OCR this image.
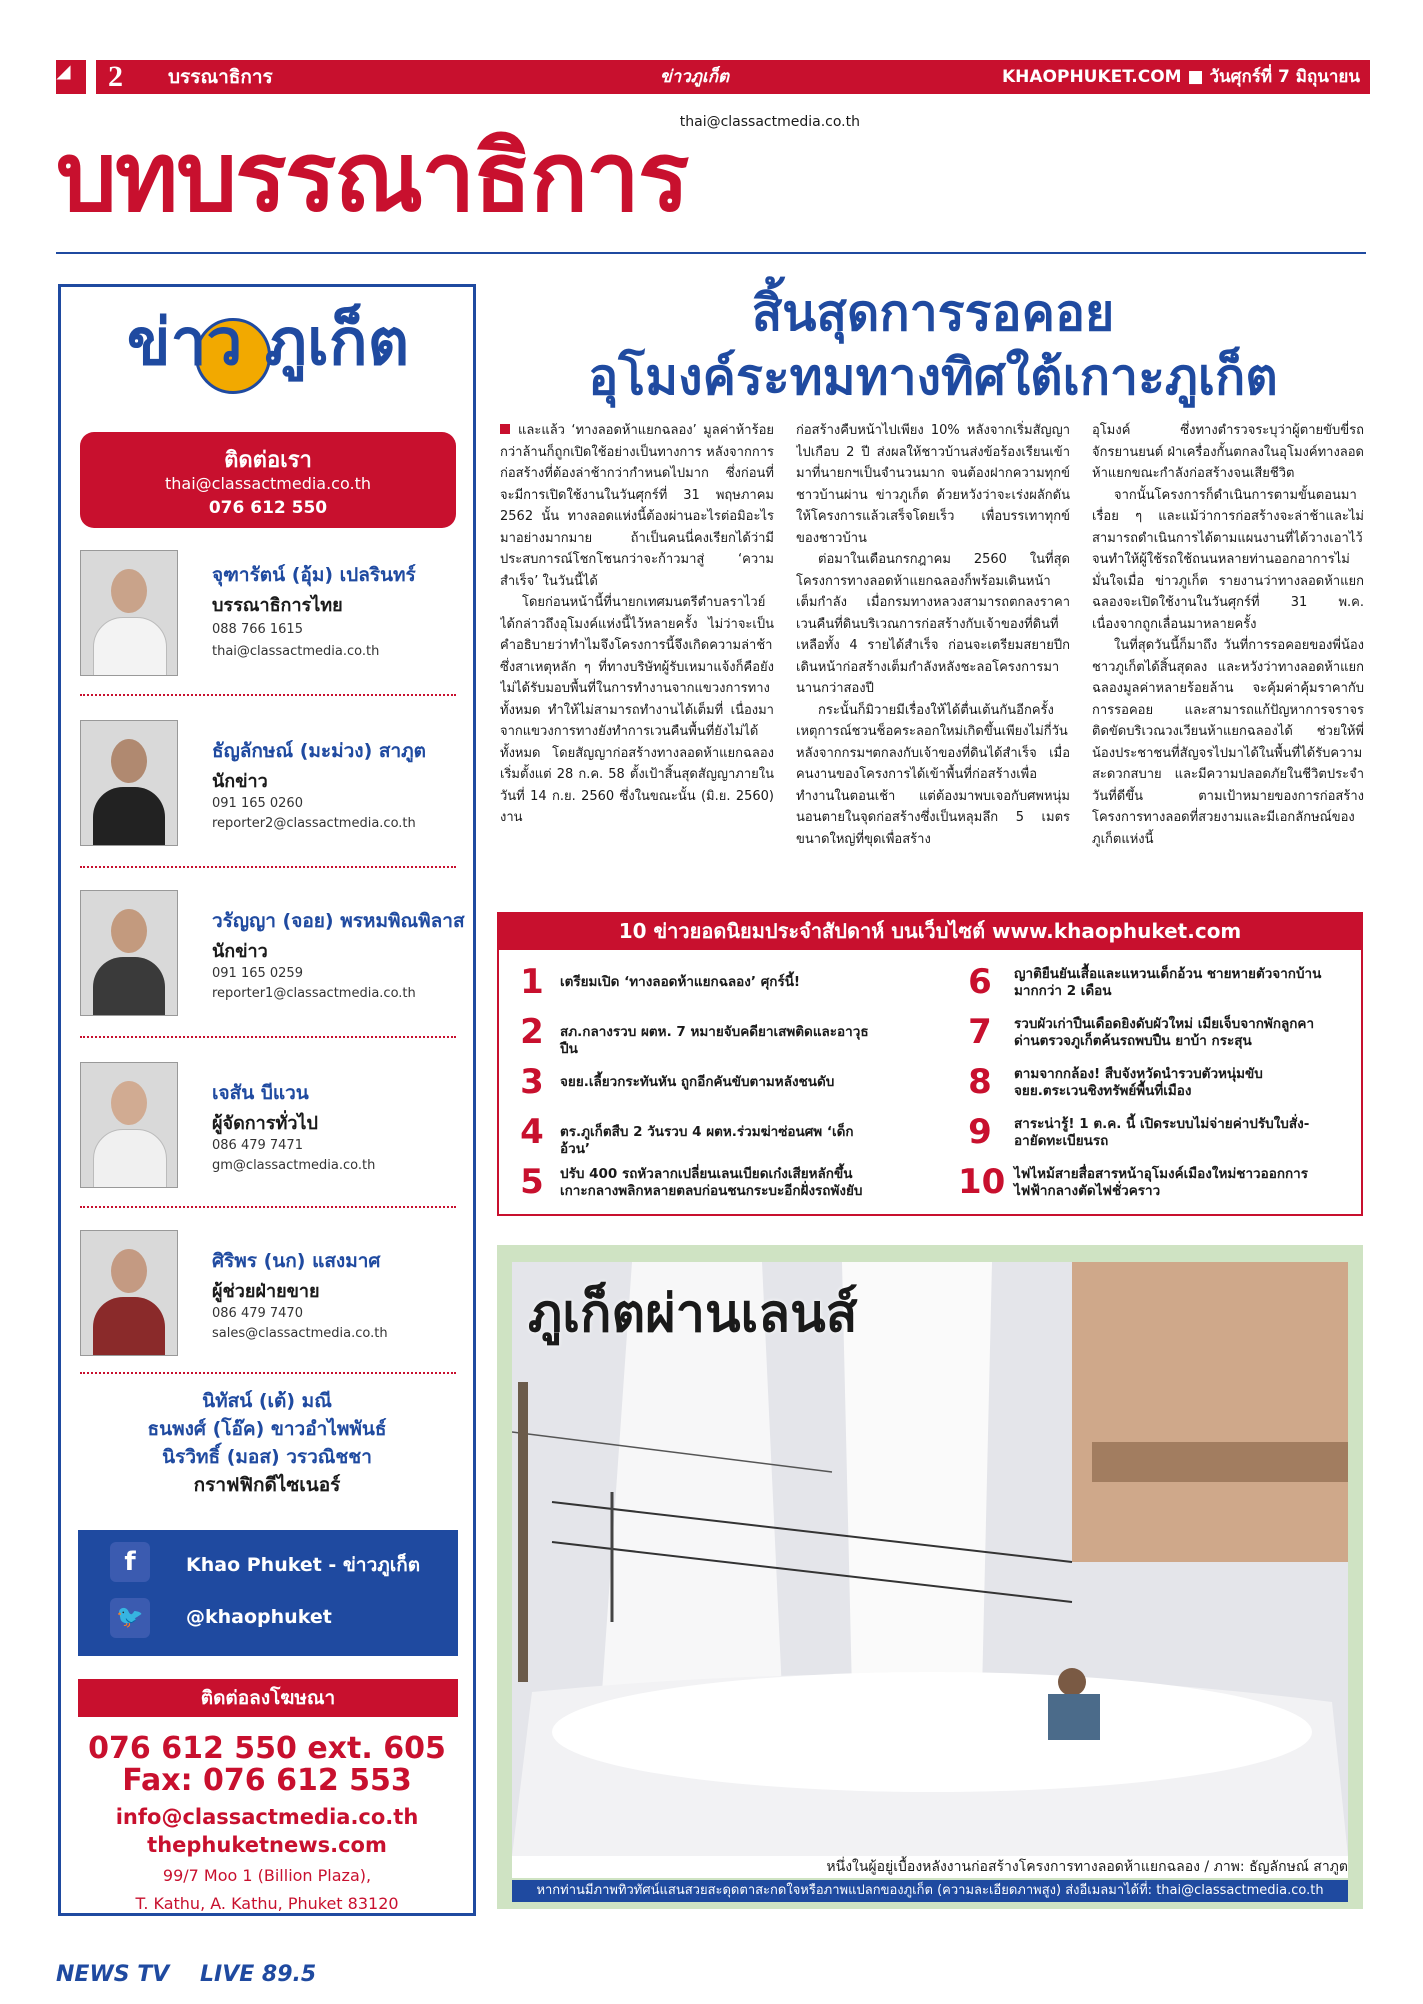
2 บรรณาธิการ	ข่าวภูเก็ต	KHAOPHUKET.COM ■ วันศุกร์ที่ 7 มิถุนายน 2562
บทบรรณาธิการ
thai@classactmedia.co.th
ข่าว ภูเก็ต
ติดต่อเรา
thai@classactmedia.co.th
076 612 550
จุฑารัตน์ (อุ้ม) เปลรินทร์
บรรณาธิการไทย
088 766 1615
thai@classactmedia.co.th
ธัญลักษณ์ (มะม่วง) สาภูต
นักข่าว
091 165 0260
reporter2@classactmedia.co.th
วรัญญา (จอย) พรหมพิณพิลาส
นักข่าว
091 165 0259
reporter1@classactmedia.co.th
เจสัน บีแวน
ผู้จัดการทั่วไป
086 479 7471
gm@classactmedia.co.th
ศิริพร (นก) แสงมาศ
ผู้ช่วยฝ่ายขาย
086 479 7470
sales@classactmedia.co.th
นิทัสน์ (เต้) มณี
ธนพงศ์ (โอ๊ค) ขาวอำไพพันธ์
นิรวิทธิ์ (มอส) วรวณิชชา
กราฟฟิกดีไซเนอร์
f	Khao Phuket - ข่าวภูเก็ต
🐦	@khaophuket
ติดต่อลงโฆษณา
076 612 550 ext. 605
Fax: 076 612 553
info@classactmedia.co.th
thephuketnews.com
99/7 Moo 1 (Billion Plaza),
T. Kathu, A. Kathu, Phuket 83120
สิ้นสุดการรอคอย
อุโมงค์ระทมทางทิศใต้เกาะภูเก็ต

และแล้ว ‘ทางลอดห้าแยกฉลอง’ มูลค่าห้าร้อยกว่าล้านก็ถูกเปิดใช้อย่างเป็นทางการ หลังจากการก่อสร้างที่ต้องล่าช้ากว่ากำหนดไปมาก ซึ่งก่อนที่จะมีการเปิดใช้งานในวันศุกร์ที่ 31 พฤษภาคม 2562 นั้น ทางลอดแห่งนี้ต้องผ่านอะไรต่อมิอะไรมาอย่างมากมาย ถ้าเป็นคนนี่คงเรียกได้ว่ามีประสบการณ์โชกโชนกว่าจะก้าวมาสู่ ‘ความสำเร็จ’ ในวันนี้ได้

โดยก่อนหน้านี้ที่นายกเทศมนตรีตำบลราไวย์ ได้กล่าวถึงอุโมงค์แห่งนี้ไว้หลายครั้ง ไม่ว่าจะเป็นคำอธิบายว่าทำไมจึงโครงการนี้จึงเกิดความล่าช้า ซึ่งสาเหตุหลัก ๆ ที่ทางบริษัทผู้รับเหมาแจ้งก็คือยังไม่ได้รับมอบพื้นที่ในการทำงานจากแขวงการทางทั้งหมด ทำให้ไม่สามารถทำงานได้เต็มที่ เนื่องมาจากแขวงการทางยังทำการเวนคืนพื้นที่ยังไม่ได้ทั้งหมด โดยสัญญาก่อสร้างทางลอดห้าแยกฉลองเริ่มตั้งแต่ 28 ก.ค. 58 ตั้งเป้าสิ้นสุดสัญญาภายในวันที่ 14 ก.ย. 2560 ซึ่งในขณะนั้น (มิ.ย. 2560) งาน

ก่อสร้างคืบหน้าไปเพียง 10% หลังจากเริ่มสัญญาไปเกือบ 2 ปี ส่งผลให้ชาวบ้านส่งข้อร้องเรียนเข้ามาที่นายกฯเป็นจำนวนมาก จนต้องฝากความทุกข์ชาวบ้านผ่าน ข่าวภูเก็ต ด้วยหวังว่าจะเร่งผลักดันให้โครงการแล้วเสร็จโดยเร็ว เพื่อบรรเทาทุกข์ของชาวบ้าน

ต่อมาในเดือนกรกฎาคม 2560 ในที่สุดโครงการทางลอดห้าแยกฉลองก็พร้อมเดินหน้าเต็มกำลัง เมื่อกรมทางหลวงสามารถตกลงราคาเวนคืนที่ดินบริเวณการก่อสร้างกับเจ้าของที่ดินที่เหลือทั้ง 4 รายได้สำเร็จ ก่อนจะเตรียมสยายปีกเดินหน้าก่อสร้างเต็มกำลังหลังชะลอโครงการมานานกว่าสองปี

กระนั้นก็มิวายมีเรื่องให้ได้ตื่นเต้นกันอีกครั้ง เหตุการณ์ชวนช็อคระลอกใหม่เกิดขึ้นเพียงไม่กี่วันหลังจากกรมฯตกลงกับเจ้าของที่ดินได้สำเร็จ เมื่อคนงานของโครงการได้เข้าพื้นที่ก่อสร้างเพื่อทำงานในตอนเช้า แต่ต้องมาพบเจอกับศพหนุ่มนอนตายในจุดก่อสร้างซึ่งเป็นหลุมลึก 5 เมตรขนาดใหญ่ที่ขุดเพื่อสร้าง

อุโมงค์ ซึ่งทางตำรวจระบุว่าผู้ตายขับขี่รถจักรยานยนต์ ฝ่าเครื่องกั้นตกลงในอุโมงค์ทางลอดห้าแยกขณะกำลังก่อสร้างจนเสียชีวิต

จากนั้นโครงการก็ดำเนินการตามขั้นตอนมาเรื่อย ๆ และแม้ว่าการก่อสร้างจะล่าช้าและไม่สามารถดำเนินการได้ตามแผนงานที่ได้วางเอาไว้ จนทำให้ผู้ใช้รถใช้ถนนหลายท่านออกอาการไม่มั่นใจเมื่อ ข่าวภูเก็ต รายงานว่าทางลอดห้าแยกฉลองจะเปิดใช้งานในวันศุกร์ที่ 31 พ.ค. เนื่องจากถูกเลื่อนมาหลายครั้ง

ในที่สุดวันนี้ก็มาถึง วันที่การรอคอยของพี่น้องชาวภูเก็ตได้สิ้นสุดลง และหวังว่าทางลอดห้าแยกฉลองมูลค่าหลายร้อยล้าน จะคุ้มค่าคุ้มราคากับการรอคอย และสามารถแก้ปัญหาการจราจรติดขัดบริเวณวงเวียนห้าแยกฉลองได้ ช่วยให้พี่น้องประชาชนที่สัญจรไปมาได้ในพื้นที่ได้รับความสะดวกสบาย และมีความปลอดภัยในชีวิตประจำวันที่ดีขึ้น ตามเป้าหมายของการก่อสร้างโครงการทางลอดที่สวยงามและมีเอกลักษณ์ของภูเก็ตแห่งนี้

10 ข่าวยอดนิยมประจำสัปดาห์ บนเว็บไซต์ www.khaophuket.com
1	เตรียมเปิด ‘ทางลอดห้าแยกฉลอง’ ศุกร์นี้!
2	สภ.กลางรวบ ผตห. 7 หมายจับคดียาเสพติดและอาวุธปืน
3	จยย.เลี้ยวกระทันหัน ถูกอีกคันขับตามหลังชนดับ
4	ตร.ภูเก็ตสืบ 2 วันรวบ 4 ผตห.ร่วมฆ่าซ่อนศพ ‘เด็กอ้วน’
5	ปรับ 400 รถหัวลากเปลี่ยนเลนเบียดเก๋งเสียหลักขึ้นเกาะกลางพลิกหลายตลบก่อนชนกระบะอีกฝั่งรถพังยับ
6	ญาติยืนยันเสื้อและแหวนเด็กอ้วน ชายหายตัวจากบ้านมากกว่า 2 เดือน
7	รวบผัวเก่าปืนเดือดยิงดับผัวใหม่ เมียเจ็บจากพักลูกคาด่านตรวจภูเก็ตค้นรถพบปืน ยาบ้า กระสุน
8	ตามจากกล้อง! สืบจังหวัดนำรวบตัวหนุ่มขับจยย.ตระเวนชิงทรัพย์พื้นที่เมือง
9	สาระน่ารู้! 1 ต.ค. นี้ เปิดระบบไม่จ่ายค่าปรับใบสั่ง-อายัดทะเบียนรถ
10 ไฟไหม้สายสื่อสารหน้าอุโมงค์เมืองใหม่ชาวออกการไฟฟ้ากลางตัดไฟชั่วคราว
ภูเก็ตผ่านเลนส์
หนึ่งในผู้อยู่เบื้องหลังงานก่อสร้างโครงการทางลอดห้าแยกฉลอง / ภาพ: ธัญลักษณ์ สาภูต
หากท่านมีภาพทิวทัศน์แสนสวยสะดุดตาสะกดใจหรือภาพแปลกของภูเก็ต (ความละเอียดภาพสูง) ส่งอีเมลมาได้ที่: thai@classactmedia.co.th
NEWS TV LIVE 89.5
